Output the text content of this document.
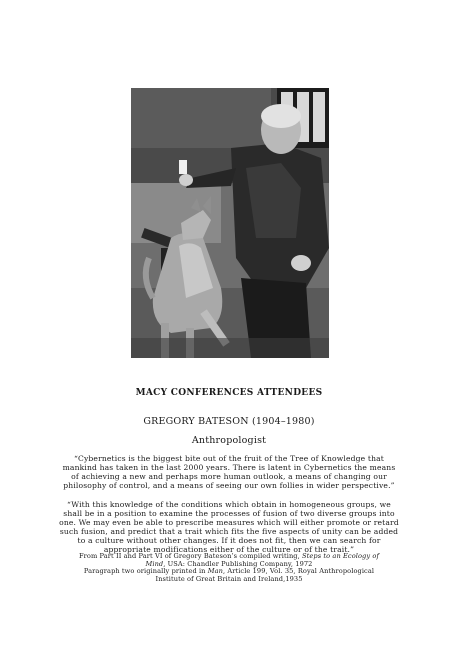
MACY CONFERENCES ATTENDEES
GREGORY BATESON (1904–1980)
Anthropologist

“Cybernetics is the biggest bite out of the fruit of the Tree of Knowledge that mankind has taken in the last 2000 years. There is latent in Cybernetics the means of achieving a new and perhaps more human outlook, a means of changing our philosophy of control, and a means of seeing our own follies in wider perspective.”

“With this knowledge of the conditions which obtain in homogeneous groups, we shall be in a position to examine the processes of fusion of two diverse groups into one. We may even be able to prescribe measures which will either promote or retard such fusion, and predict that a trait which fits the five aspects of unity can be added to a culture without other changes. If it does not fit, then we can search for appropriate modifications either of the culture or of the trait.”

From Part II and Part VI of Gregory Bateson’s compiled writing, Steps to an Ecology of Mind, USA: Chandler Publishing Company, 1972
Paragraph two originally printed in Man, Article 199, Vol. 35, Royal Anthropological Institute of Great Britain and Ireland,1935
